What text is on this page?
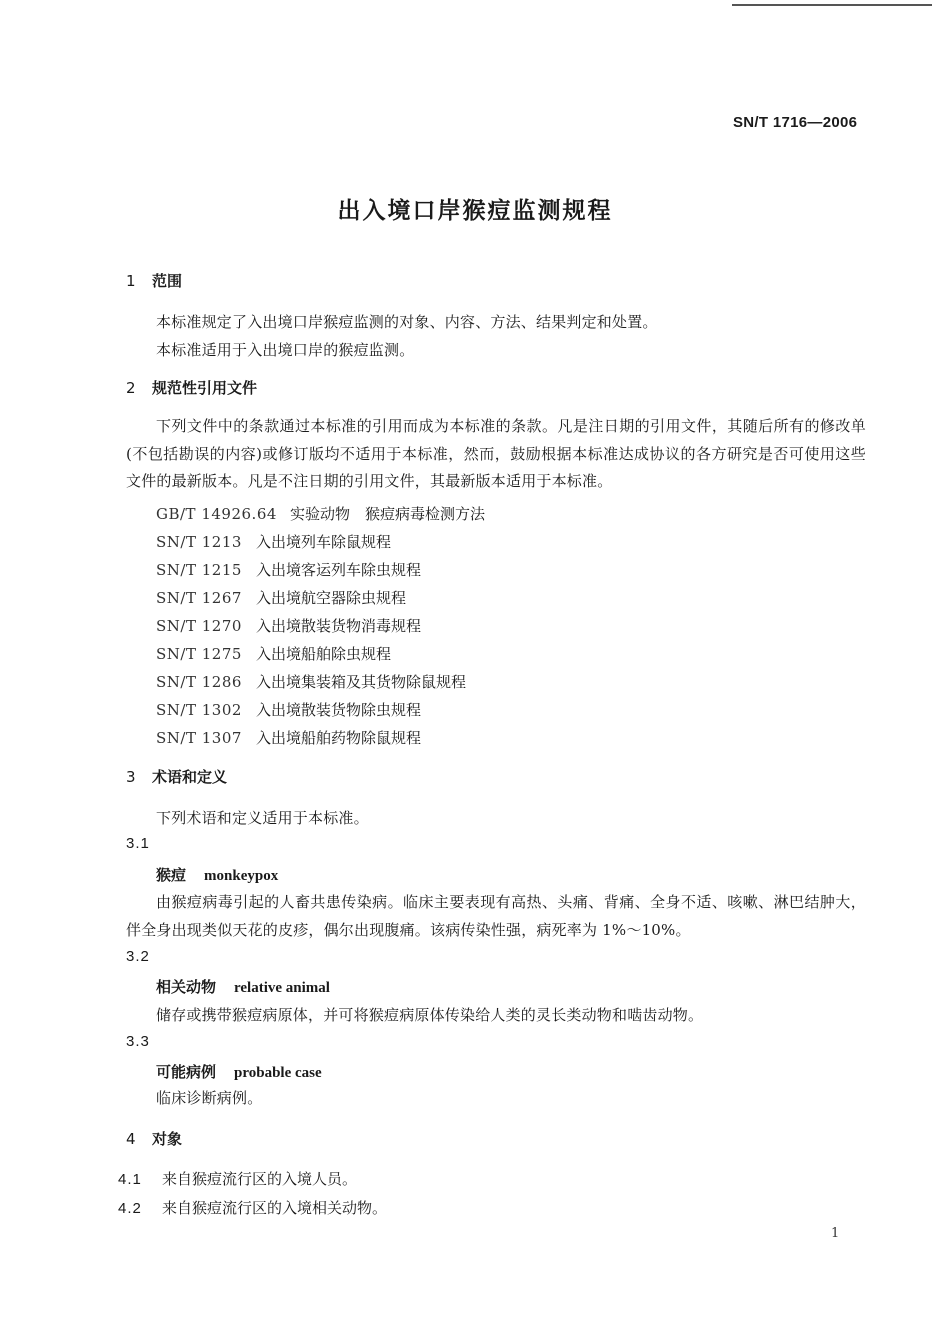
SN/T 1716—2006
出入境口岸猴痘监测规程
1 范围
本标准规定了入出境口岸猴痘监测的对象、内容、方法、结果判定和处置。
本标准适用于入出境口岸的猴痘监测。
2 规范性引用文件
下列文件中的条款通过本标准的引用而成为本标准的条款。凡是注日期的引用文件，其随后所有的修改单(不包括勘误的内容)或修订版均不适用于本标准，然而，鼓励根据本标准达成协议的各方研究是否可使用这些文件的最新版本。凡是不注日期的引用文件，其最新版本适用于本标准。
GB/T 14926.64 实验动物　猴痘病毒检测方法
SN/T 1213 入出境列车除鼠规程
SN/T 1215 入出境客运列车除虫规程
SN/T 1267 入出境航空器除虫规程
SN/T 1270 入出境散装货物消毒规程
SN/T 1275 入出境船舶除虫规程
SN/T 1286 入出境集装箱及其货物除鼠规程
SN/T 1302 入出境散装货物除虫规程
SN/T 1307 入出境船舶药物除鼠规程
3 术语和定义
下列术语和定义适用于本标准。
3.1
猴痘 monkeypox
由猴痘病毒引起的人畜共患传染病。临床主要表现有高热、头痛、背痛、全身不适、咳嗽、淋巴结肿大，伴全身出现类似天花的皮疹，偶尔出现腹痛。该病传染性强，病死率为 1%～10%。
3.2
相关动物 relative animal
储存或携带猴痘病原体，并可将猴痘病原体传染给人类的灵长类动物和啮齿动物。
3.3
可能病例 probable case
临床诊断病例。
4 对象
4.1 来自猴痘流行区的入境人员。
4.2 来自猴痘流行区的入境相关动物。
1
